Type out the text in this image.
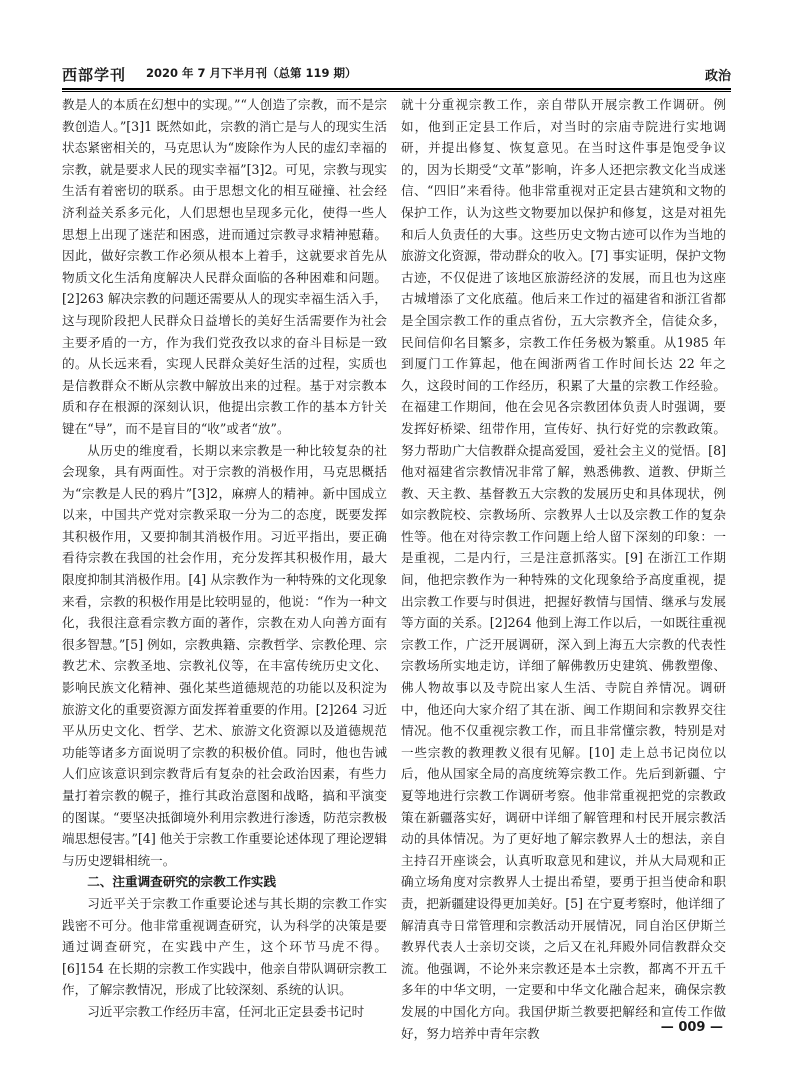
西部学刊 2020 年 7 月下半月刊（总第 119 期）	政治

教是人的本质在幻想中的实现。”“人创造了宗教，而不是宗教创造人。”[3]1 既然如此，宗教的消亡是与人的现实生活状态紧密相关的，马克思认为“废除作为人民的虚幻幸福的宗教，就是要求人民的现实幸福”[3]2。可见，宗教与现实生活有着密切的联系。由于思想文化的相互碰撞、社会经济利益关系多元化，人们思想也呈现多元化，使得一些人思想上出现了迷茫和困惑，进而通过宗教寻求精神慰藉。因此，做好宗教工作必须从根本上着手，这就要求首先从物质文化生活角度解决人民群众面临的各种困难和问题。[2]263 解决宗教的问题还需要从人的现实幸福生活入手，这与现阶段把人民群众日益增长的美好生活需要作为社会主要矛盾的一方，作为我们党孜孜以求的奋斗目标是一致的。从长远来看，实现人民群众美好生活的过程，实质也是信教群众不断从宗教中解放出来的过程。基于对宗教本质和存在根源的深刻认识，他提出宗教工作的基本方针关键在“导”，而不是盲目的“收”或者“放”。

从历史的维度看，长期以来宗教是一种比较复杂的社会现象，具有两面性。对于宗教的消极作用，马克思概括为“宗教是人民的鸦片”[3]2，麻痹人的精神。新中国成立以来，中国共产党对宗教采取一分为二的态度，既要发挥其积极作用，又要抑制其消极作用。习近平指出，要正确看待宗教在我国的社会作用，充分发挥其积极作用，最大限度抑制其消极作用。[4] 从宗教作为一种特殊的文化现象来看，宗教的积极作用是比较明显的，他说：“作为一种文化，我很注意看宗教方面的著作，宗教在劝人向善方面有很多智慧。”[5] 例如，宗教典籍、宗教哲学、宗教伦理、宗教艺术、宗教圣地、宗教礼仪等，在丰富传统历史文化、影响民族文化精神、强化某些道德规范的功能以及积淀为旅游文化的重要资源方面发挥着重要的作用。[2]264 习近平从历史文化、哲学、艺术、旅游文化资源以及道德规范功能等诸多方面说明了宗教的积极价值。同时，他也告诫人们应该意识到宗教背后有复杂的社会政治因素，有些力量打着宗教的幌子，推行其政治意图和战略，搞和平演变的图谋。“要坚决抵御境外利用宗教进行渗透，防范宗教极端思想侵害。”[4] 他关于宗教工作重要论述体现了理论逻辑与历史逻辑相统一。

二、注重调查研究的宗教工作实践

习近平关于宗教工作重要论述与其长期的宗教工作实践密不可分。他非常重视调查研究，认为科学的决策是要通过调查研究，在实践中产生，这个环节马虎不得。[6]154 在长期的宗教工作实践中，他亲自带队调研宗教工作，了解宗教情况，形成了比较深刻、系统的认识。

习近平宗教工作经历丰富，任河北正定县委书记时

就十分重视宗教工作，亲自带队开展宗教工作调研。例如，他到正定县工作后，对当时的宗庙寺院进行实地调研，并提出修复、恢复意见。在当时这件事是饱受争议的，因为长期受“文革”影响，许多人还把宗教文化当成迷信、“四旧”来看待。他非常重视对正定县古建筑和文物的保护工作，认为这些文物要加以保护和修复，这是对祖先和后人负责任的大事。这些历史文物古迹可以作为当地的旅游文化资源，带动群众的收入。[7] 事实证明，保护文物古迹，不仅促进了该地区旅游经济的发展，而且也为这座古城增添了文化底蕴。他后来工作过的福建省和浙江省都是全国宗教工作的重点省份，五大宗教齐全，信徒众多，民间信仰名目繁多，宗教工作任务极为繁重。从1985 年到厦门工作算起，他在闽浙两省工作时间长达 22 年之久，这段时间的工作经历，积累了大量的宗教工作经验。在福建工作期间，他在会见各宗教团体负责人时强调，要发挥好桥梁、纽带作用，宣传好、执行好党的宗教政策。努力帮助广大信教群众提高爱国，爱社会主义的觉悟。[8] 他对福建省宗教情况非常了解，熟悉佛教、道教、伊斯兰教、天主教、基督教五大宗教的发展历史和具体现状，例如宗教院校、宗教场所、宗教界人士以及宗教工作的复杂性等。他在对待宗教工作问题上给人留下深刻的印象：一是重视，二是内行，三是注意抓落实。[9] 在浙江工作期间，他把宗教作为一种特殊的文化现象给予高度重视，提出宗教工作要与时俱进，把握好教情与国情、继承与发展等方面的关系。[2]264 他到上海工作以后，一如既往重视宗教工作，广泛开展调研，深入到上海五大宗教的代表性宗教场所实地走访，详细了解佛教历史建筑、佛教塑像、佛人物故事以及寺院出家人生活、寺院自养情况。调研中，他还向大家介绍了其在浙、闽工作期间和宗教界交往情况。他不仅重视宗教工作，而且非常懂宗教，特别是对一些宗教的教理教义很有见解。[10] 走上总书记岗位以后，他从国家全局的高度统筹宗教工作。先后到新疆、宁夏等地进行宗教工作调研考察。他非常重视把党的宗教政策在新疆落实好，调研中详细了解管理和村民开展宗教活动的具体情况。为了更好地了解宗教界人士的想法，亲自主持召开座谈会，认真听取意见和建议，并从大局观和正确立场角度对宗教界人士提出希望，要勇于担当使命和职责，把新疆建设得更加美好。[5] 在宁夏考察时，他详细了解清真寺日常管理和宗教活动开展情况，同自治区伊斯兰教界代表人士亲切交谈，之后又在礼拜殿外同信教群众交流。他强调，不论外来宗教还是本土宗教，都离不开五千多年的中华文明，一定要和中华文化融合起来，确保宗教发展的中国化方向。我国伊斯兰教要把解经和宣传工作做好，努力培养中青年宗教	— 009 —
